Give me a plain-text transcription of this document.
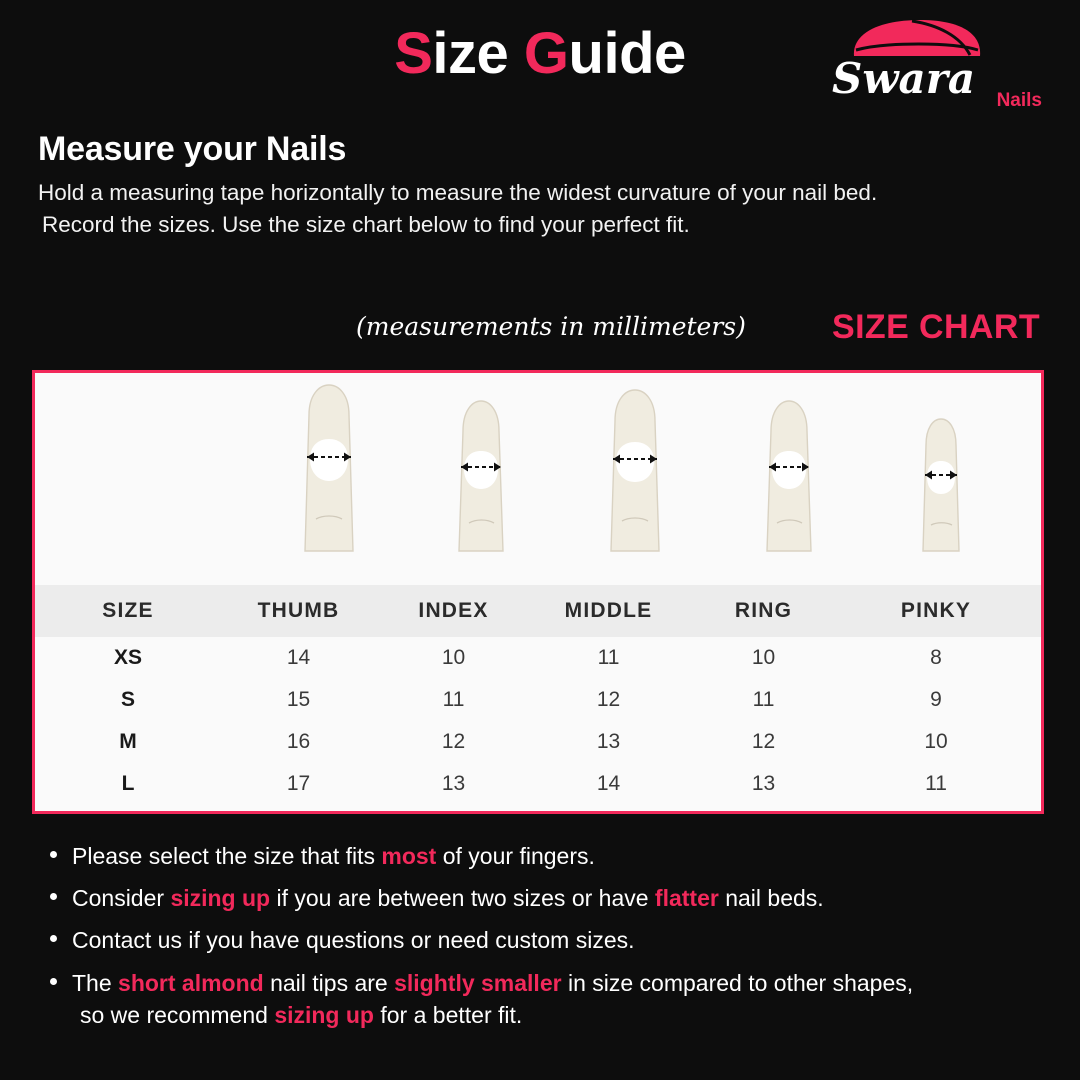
Size Guide	Swara Nails
Measure your Nails

Hold a measuring tape horizontally to measure the widest curvature of your nail bed.

Record the sizes. Use the size chart below to find your perfect fit.

(measurements in millimeters)	SIZE CHART
SIZE	THUMB	INDEX	MIDDLE	RING	PINKY
XS	14	10	11	10	8
S	15	11	12	11	9
M	16	12	13	12	10
L	17	13	14	13	11
Please select the size that fits most of your fingers.
Consider sizing up if you are between two sizes or have flatter nail beds.
Contact us if you have questions or need custom sizes.
The short almond nail tips are slightly smaller in size compared to other shapes,
so we recommend sizing up for a better fit.
